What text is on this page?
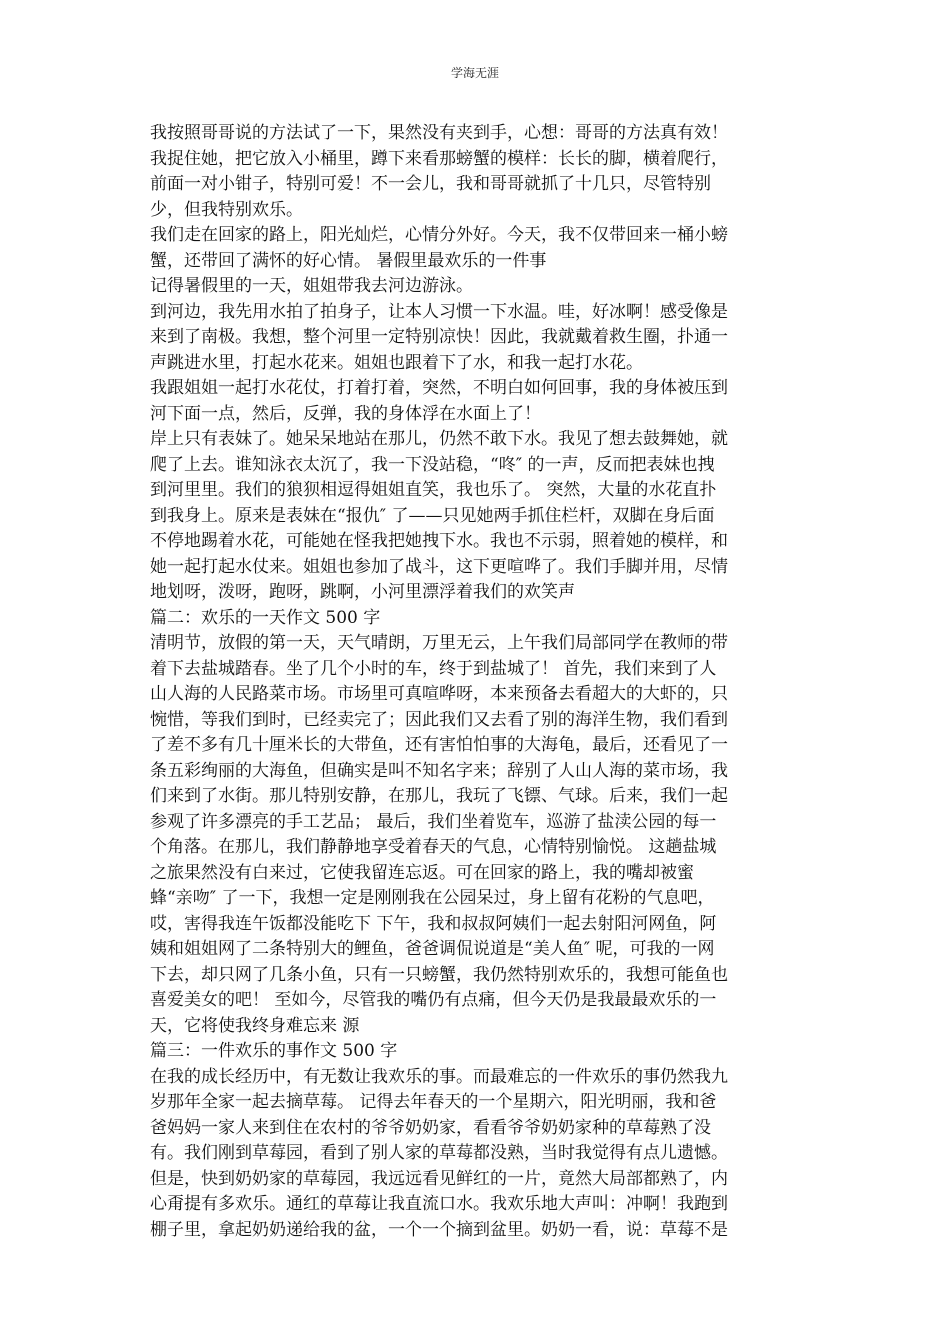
学海无涯
我按照哥哥说的方法试了一下，果然没有夹到手，心想：哥哥的方法真有效！
我捉住她，把它放入小桶里，蹲下来看那螃蟹的模样：长长的脚，横着爬行，
前面一对小钳子，特别可爱！不一会儿，我和哥哥就抓了十几只，尽管特别
少，但我特别欢乐。
我们走在回家的路上，阳光灿烂，心情分外好。今天，我不仅带回来一桶小螃
蟹，还带回了满怀的好心情。 暑假里最欢乐的一件事
记得暑假里的一天，姐姐带我去河边游泳。
到河边，我先用水拍了拍身子，让本人习惯一下水温。哇，好冰啊！感受像是
来到了南极。我想，整个河里一定特别凉快！因此，我就戴着救生圈，扑通一
声跳进水里，打起水花来。姐姐也跟着下了水，和我一起打水花。
我跟姐姐一起打水花仗，打着打着，突然，不明白如何回事，我的身体被压到
河下面一点，然后，反弹，我的身体浮在水面上了！
岸上只有表妹了。她呆呆地站在那儿，仍然不敢下水。我见了想去鼓舞她，就
爬了上去。谁知泳衣太沉了，我一下没站稳，“咚″ 的一声，反而把表妹也拽
到河里里。我们的狼狈相逗得姐姐直笑，我也乐了。 突然，大量的水花直扑
到我身上。原来是表妹在“报仇″ 了——只见她两手抓住栏杆，双脚在身后面
不停地踢着水花，可能她在怪我把她拽下水。我也不示弱，照着她的模样，和
她一起打起水仗来。姐姐也参加了战斗，这下更喧哗了。我们手脚并用，尽情
地划呀，泼呀，跑呀，跳啊，小河里漂浮着我们的欢笑声
篇二：欢乐的一天作文 500 字
清明节，放假的第一天，天气晴朗，万里无云，上午我们局部同学在教师的带
着下去盐城踏春。坐了几个小时的车，终于到盐城了！ 首先，我们来到了人
山人海的人民路菜市场。市场里可真喧哗呀，本来预备去看超大的大虾的，只
惋惜，等我们到时，已经卖完了；因此我们又去看了别的海洋生物，我们看到
了差不多有几十厘米长的大带鱼，还有害怕怕事的大海龟，最后，还看见了一
条五彩绚丽的大海鱼，但确实是叫不知名字来；辞别了人山人海的菜市场，我
们来到了水街。那儿特别安静，在那儿，我玩了飞镖、气球。后来，我们一起
参观了许多漂亮的手工艺品； 最后，我们坐着览车，巡游了盐渎公园的每一
个角落。在那儿，我们静静地享受着春天的气息，心情特别愉悦。 这趟盐城
之旅果然没有白来过，它使我留连忘返。可在回家的路上，我的嘴却被蜜
蜂“亲吻″ 了一下，我想一定是刚刚我在公园呆过，身上留有花粉的气息吧，
哎，害得我连午饭都没能吃下 下午，我和叔叔阿姨们一起去射阳河网鱼，阿
姨和姐姐网了二条特别大的鲤鱼，爸爸调侃说道是“美人鱼″ 呢，可我的一网
下去，却只网了几条小鱼，只有一只螃蟹，我仍然特别欢乐的，我想可能鱼也
喜爱美女的吧！ 至如今，尽管我的嘴仍有点痛，但今天仍是我最最欢乐的一
天，它将使我终身难忘来 源
篇三：一件欢乐的事作文 500 字
在我的成长经历中，有无数让我欢乐的事。而最难忘的一件欢乐的事仍然我九
岁那年全家一起去摘草莓。 记得去年春天的一个星期六，阳光明丽，我和爸
爸妈妈一家人来到住在农村的爷爷奶奶家，看看爷爷奶奶家种的草莓熟了没
有。我们刚到草莓园，看到了别人家的草莓都没熟，当时我觉得有点儿遗憾。
但是，快到奶奶家的草莓园，我远远看见鲜红的一片，竟然大局部都熟了，内
心甭提有多欢乐。通红的草莓让我直流口水。我欢乐地大声叫：冲啊！我跑到
棚子里，拿起奶奶递给我的盆，一个一个摘到盆里。奶奶一看，说：草莓不是
